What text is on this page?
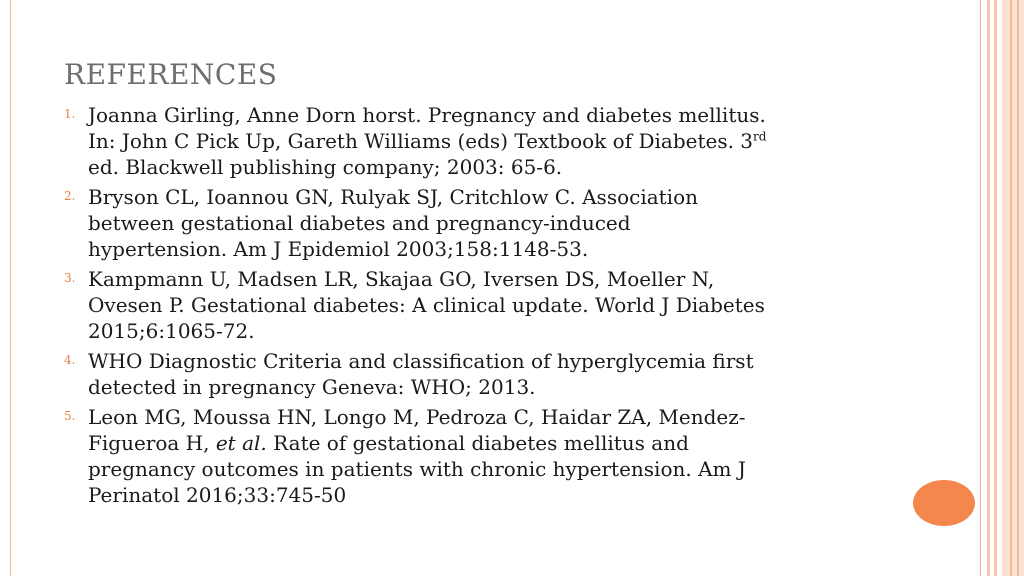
REFERENCES
1. Joanna Girling, Anne Dorn horst. Pregnancy and diabetes mellitus. In: John C Pick Up, Gareth Williams (eds) Textbook of Diabetes. 3rd ed. Blackwell publishing company; 2003: 65-6.
2. Bryson CL, Ioannou GN, Rulyak SJ, Critchlow C. Association between gestational diabetes and pregnancy-induced hypertension. Am J Epidemiol 2003;158:1148-53.
3. Kampmann U, Madsen LR, Skajaa GO, Iversen DS, Moeller N, Ovesen P. Gestational diabetes: A clinical update. World J Diabetes 2015;6:1065-72.
4. WHO Diagnostic Criteria and classification of hyperglycemia first detected in pregnancy Geneva: WHO; 2013.
5. Leon MG, Moussa HN, Longo M, Pedroza C, Haidar ZA, Mendez-Figueroa H, et al. Rate of gestational diabetes mellitus and pregnancy outcomes in patients with chronic hypertension. Am J Perinatol 2016;33:745-50
